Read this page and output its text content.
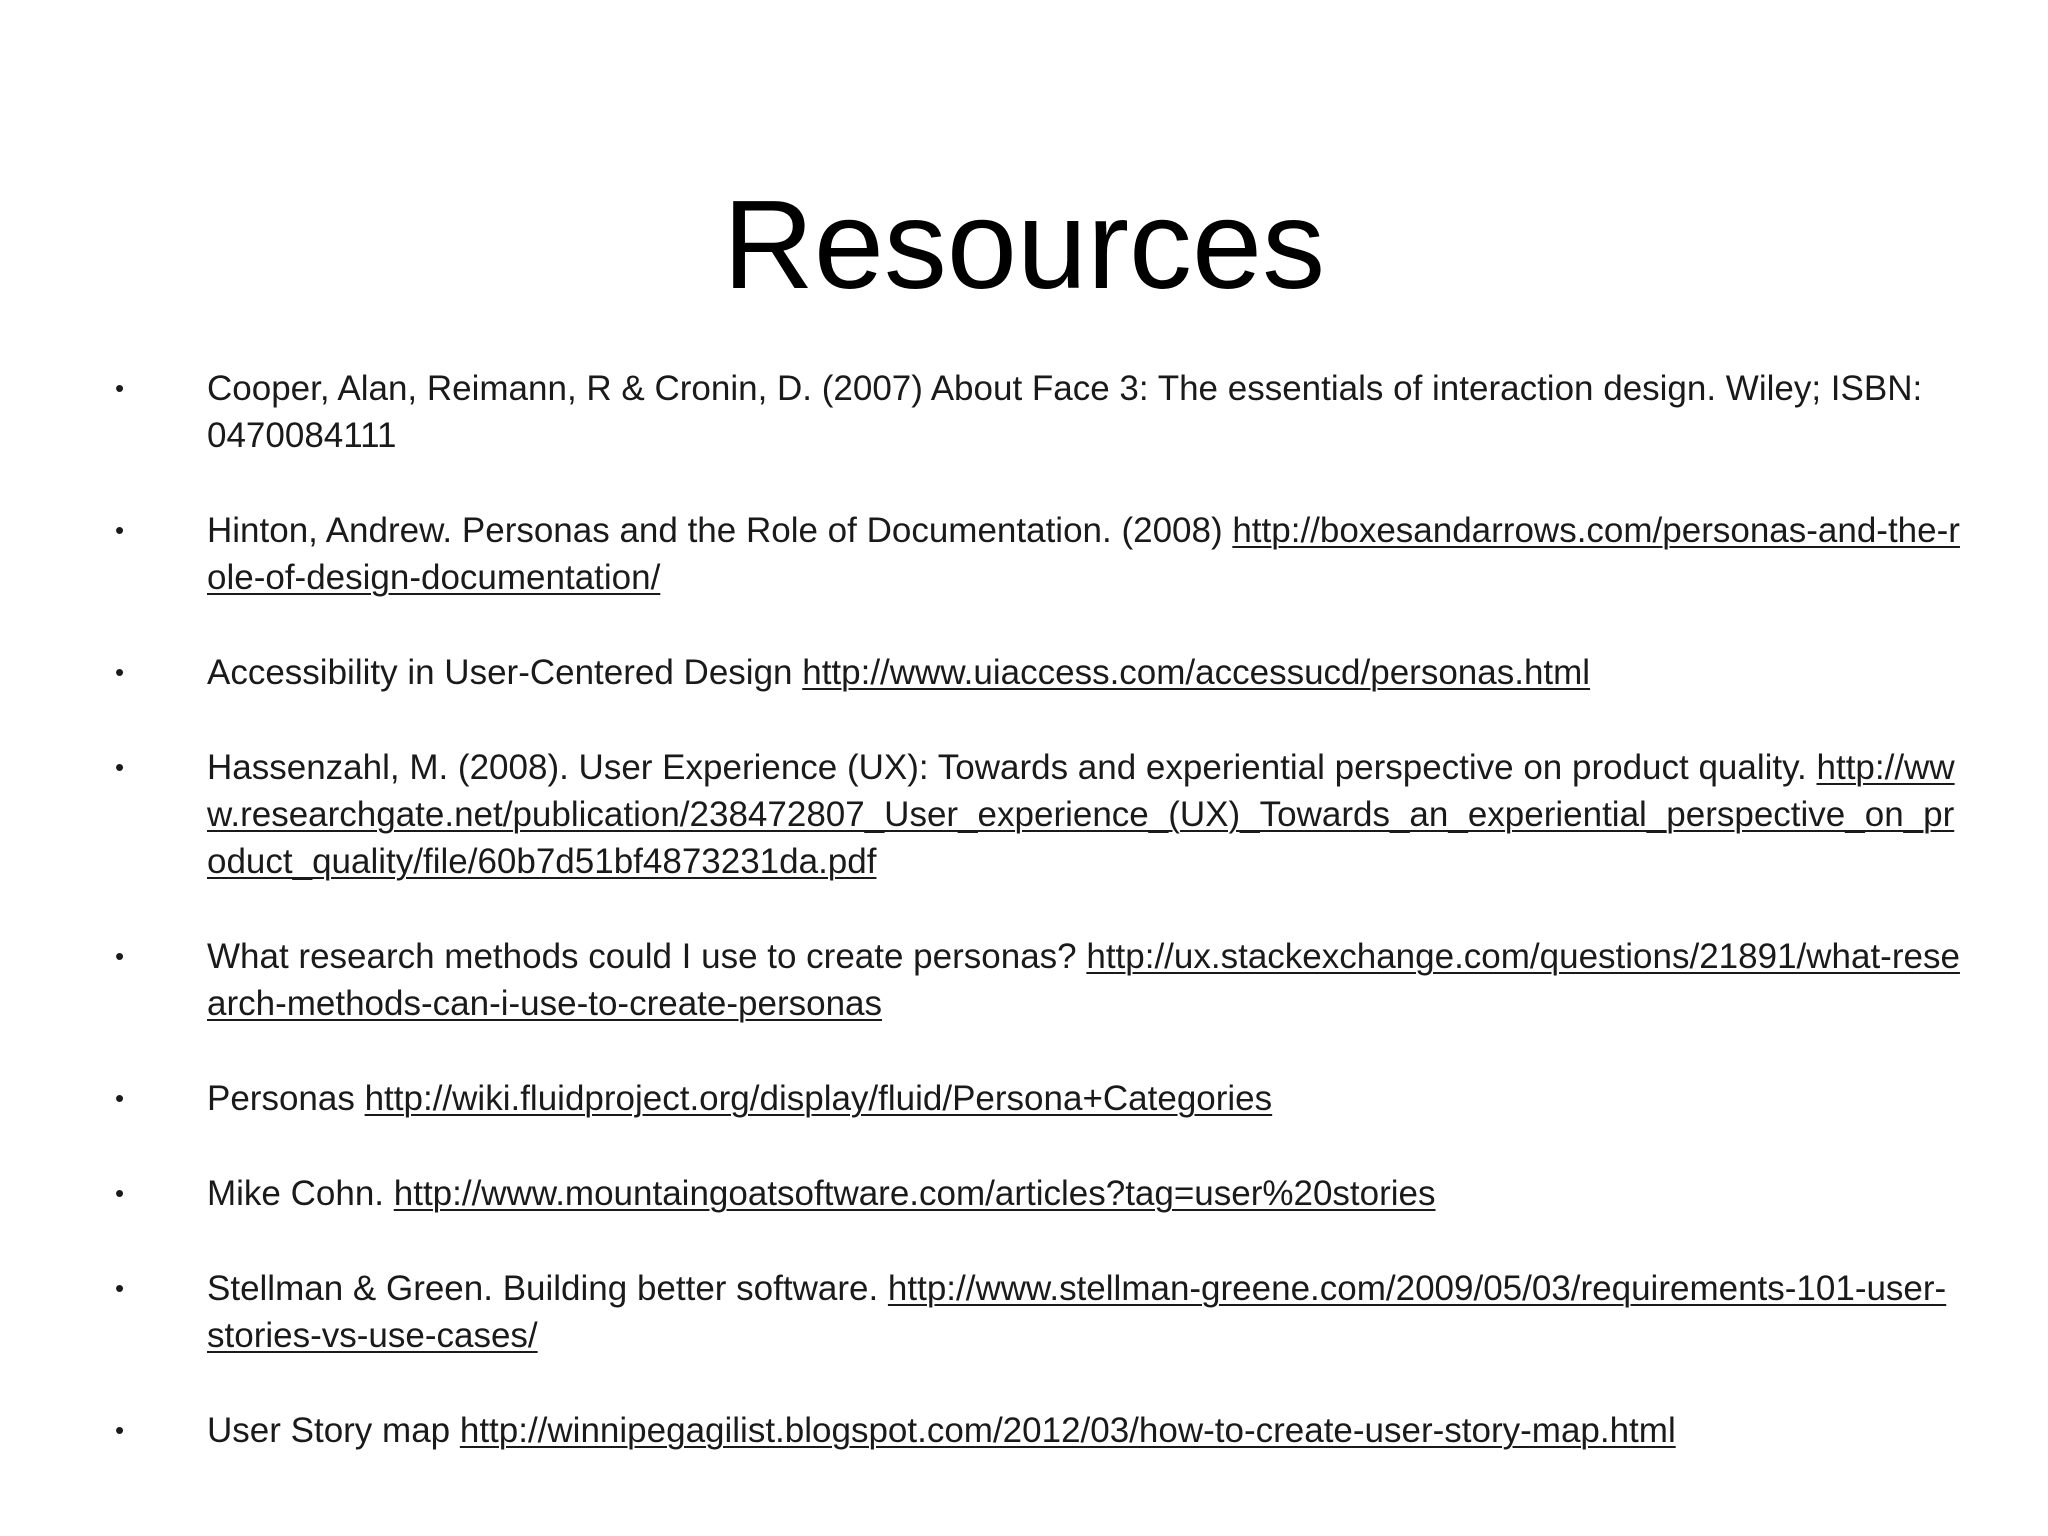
Resources
•	Cooper, Alan, Reimann, R & Cronin, D. (2007) About Face 3: The essentials of interaction design. Wiley; ISBN: 0470084111
•	Hinton, Andrew. Personas and the Role of Documentation. (2008) http://boxesandarrows.com/personas-and-the-role-of-design-documentation/
•	Accessibility in User-Centered Design http://www.uiaccess.com/accessucd/personas.html
•	Hassenzahl, M. (2008). User Experience (UX): Towards and experiential perspective on product quality. http://www.researchgate.net/publication/238472807_User_experience_(UX)_Towards_an_experiential_perspective_on_product_quality/file/60b7d51bf4873231da.pdf
•	What research methods could I use to create personas? http://ux.stackexchange.com/questions/21891/what-research-methods-can-i-use-to-create-personas
•	Personas http://wiki.fluidproject.org/display/fluid/Persona+Categories
•	Mike Cohn. http://www.mountaingoatsoftware.com/articles?tag=user%20stories
•	Stellman & Green. Building better software. http://www.stellman-greene.com/2009/05/03/requirements-101-user-stories-vs-use-cases/
•	User Story map http://winnipegagilist.blogspot.com/2012/03/how-to-create-user-story-map.html
